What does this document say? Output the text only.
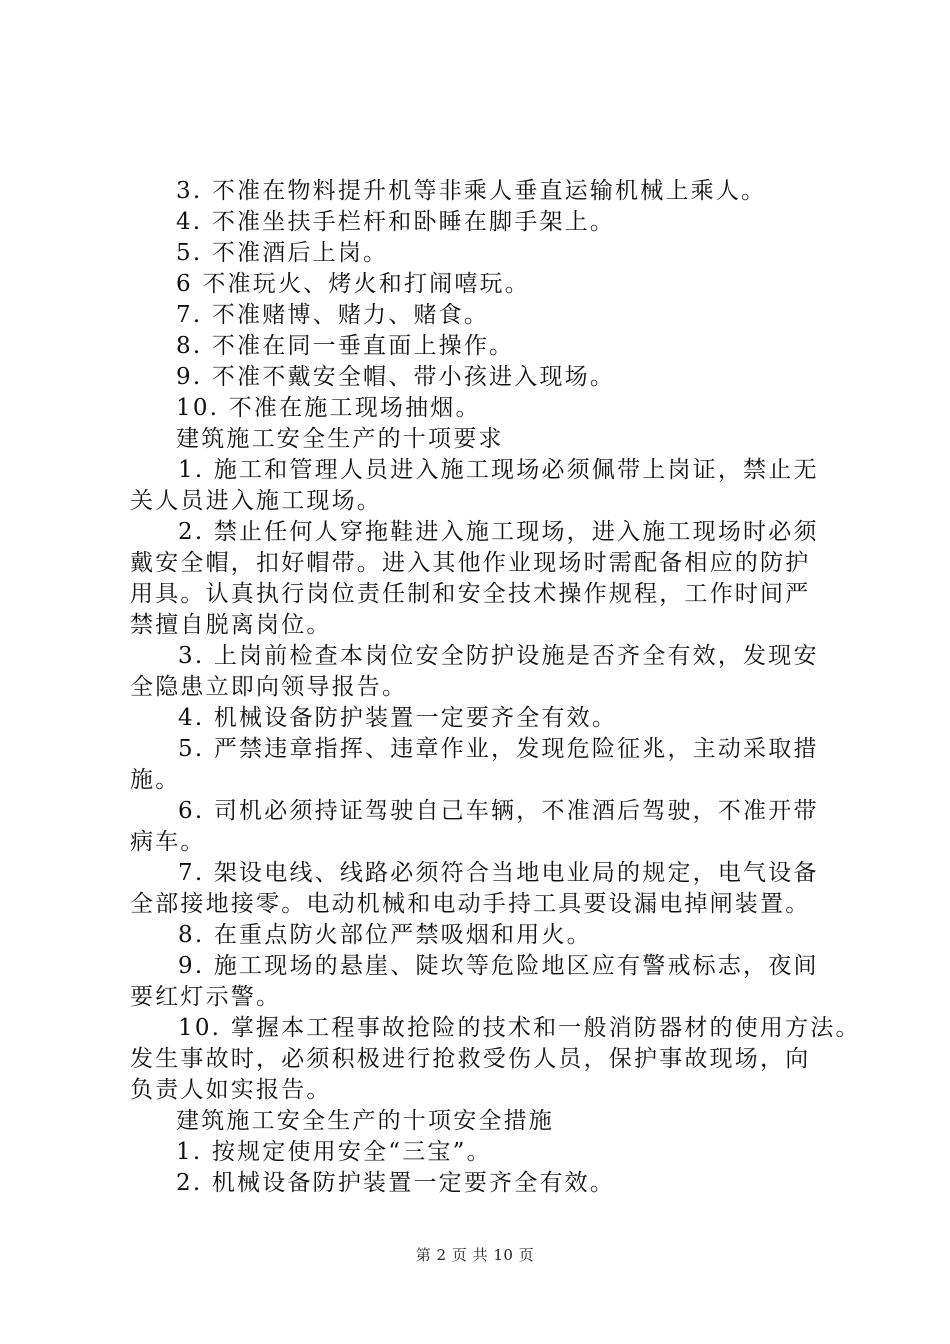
3. 不准在物料提升机等非乘人垂直运输机械上乘人。

4. 不准坐扶手栏杆和卧睡在脚手架上。

5. 不准酒后上岗。

6 不准玩火、烤火和打闹嘻玩。

7. 不准赌博、赌力、赌食。

8. 不准在同一垂直面上操作。

9. 不准不戴安全帽、带小孩进入现场。

10. 不准在施工现场抽烟。

建筑施工安全生产的十项要求

1. 施工和管理人员进入施工现场必须佩带上岗证，禁止无

关人员进入施工现场。

2. 禁止任何人穿拖鞋进入施工现场，进入施工现场时必须

戴安全帽，扣好帽带。进入其他作业现场时需配备相应的防护

用具。认真执行岗位责任制和安全技术操作规程，工作时间严

禁擅自脱离岗位。

3. 上岗前检查本岗位安全防护设施是否齐全有效，发现安

全隐患立即向领导报告。

4. 机械设备防护装置一定要齐全有效。

5. 严禁违章指挥、违章作业，发现危险征兆，主动采取措

施。

6. 司机必须持证驾驶自己车辆，不准酒后驾驶，不准开带

病车。

7. 架设电线、线路必须符合当地电业局的规定，电气设备

全部接地接零。电动机械和电动手持工具要设漏电掉闸装置。

8. 在重点防火部位严禁吸烟和用火。

9. 施工现场的悬崖、陡坎等危险地区应有警戒标志，夜间

要红灯示警。

10. 掌握本工程事故抢险的技术和一般消防器材的使用方法。

发生事故时，必须积极进行抢救受伤人员，保护事故现场，向

负责人如实报告。

建筑施工安全生产的十项安全措施

1. 按规定使用安全“三宝”。

2. 机械设备防护装置一定要齐全有效。

第 2 页 共 10 页
